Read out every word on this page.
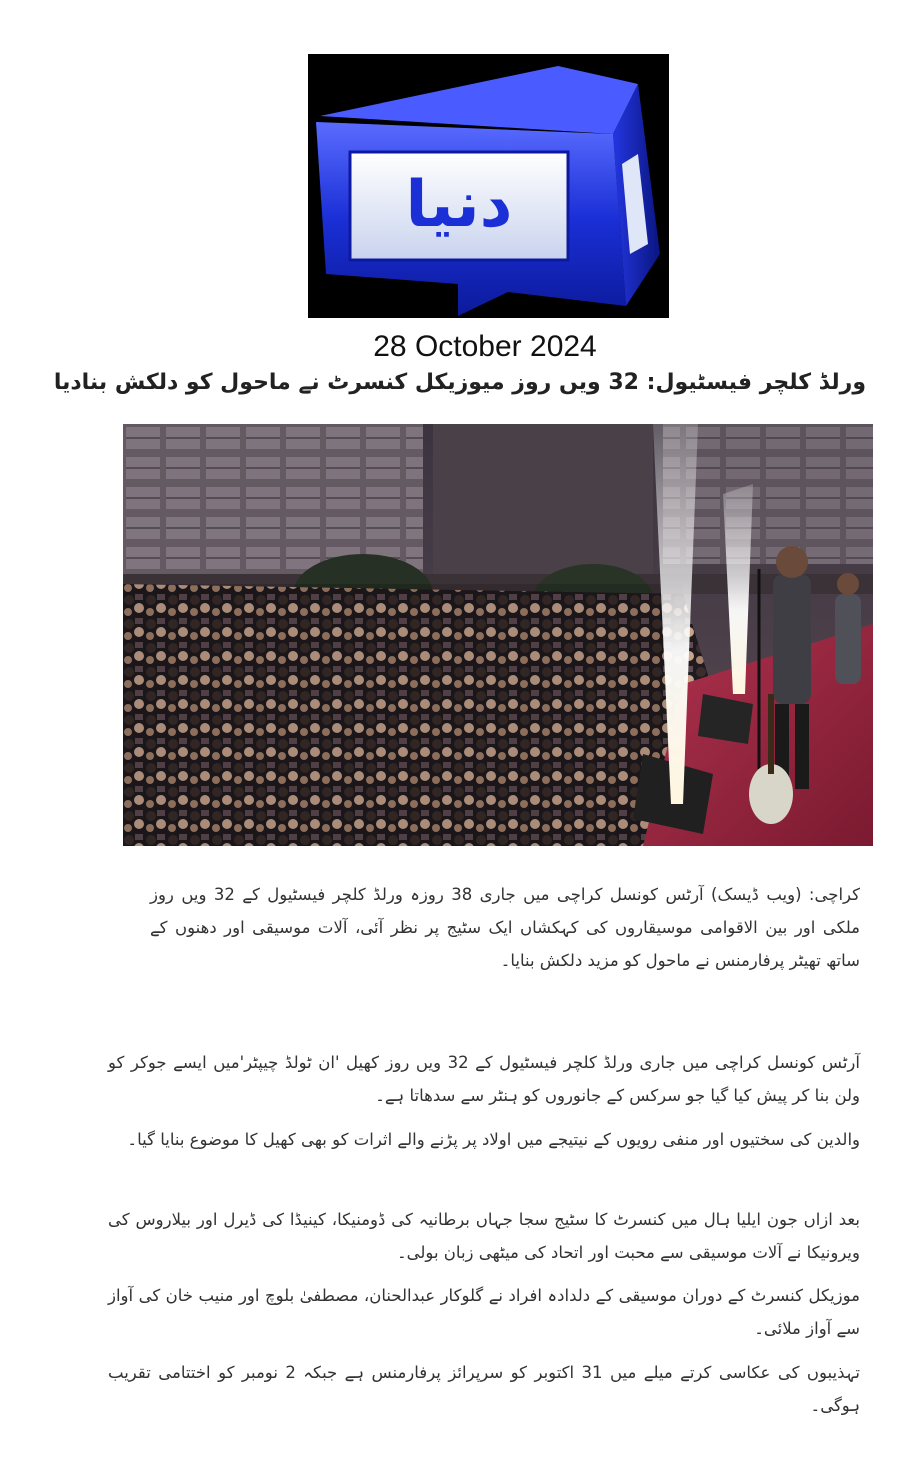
دنیا
28 October 2024
ورلڈ کلچر فیسٹیول: 32 ویں روز میوزیکل کنسرٹ نے ماحول کو دلکش بنادیا

کراچی: (ویب ڈیسک) آرٹس کونسل کراچی میں جاری 38 روزہ ورلڈ کلچر فیسٹیول کے 32 ویں روز ملکی اور بین الاقوامی موسیقاروں کی کہکشاں ایک سٹیج پر نظر آئی، آلات موسیقی اور دھنوں کے ساتھ تھیٹر پرفارمنس نے ماحول کو مزید دلکش بنایا۔

آرٹس کونسل کراچی میں جاری ورلڈ کلچر فیسٹیول کے 32 ویں روز کھیل 'ان ٹولڈ چیپٹر'میں ایسے جوکر کو ولن بنا کر پیش کیا گیا جو سرکس کے جانوروں کو ہنٹر سے سدھاتا ہے۔

والدین کی سختیوں اور منفی رویوں کے نیتیجے میں اولاد پر پڑنے والے اثرات کو بھی کھیل کا موضوع بنایا گیا۔

بعد ازاں جون ایلیا ہال میں کنسرٹ کا سٹیج سجا جہاں برطانیہ کی ڈومنیکا، کینیڈا کی ڈیرل اور بیلاروس کی ویرونیکا نے آلات موسیقی سے محبت اور اتحاد کی میٹھی زبان بولی۔

موزیکل کنسرٹ کے دوران موسیقی کے دلدادہ افراد نے گلوکار عبدالحنان، مصطفیٰ بلوچ اور منیب خان کی آواز سے آواز ملائی۔

تہذیبوں کی عکاسی کرتے میلے میں 31 اکتوبر کو سرپرائز پرفارمنس ہے جبکہ 2 نومبر کو اختتامی تقریب ہوگی۔
